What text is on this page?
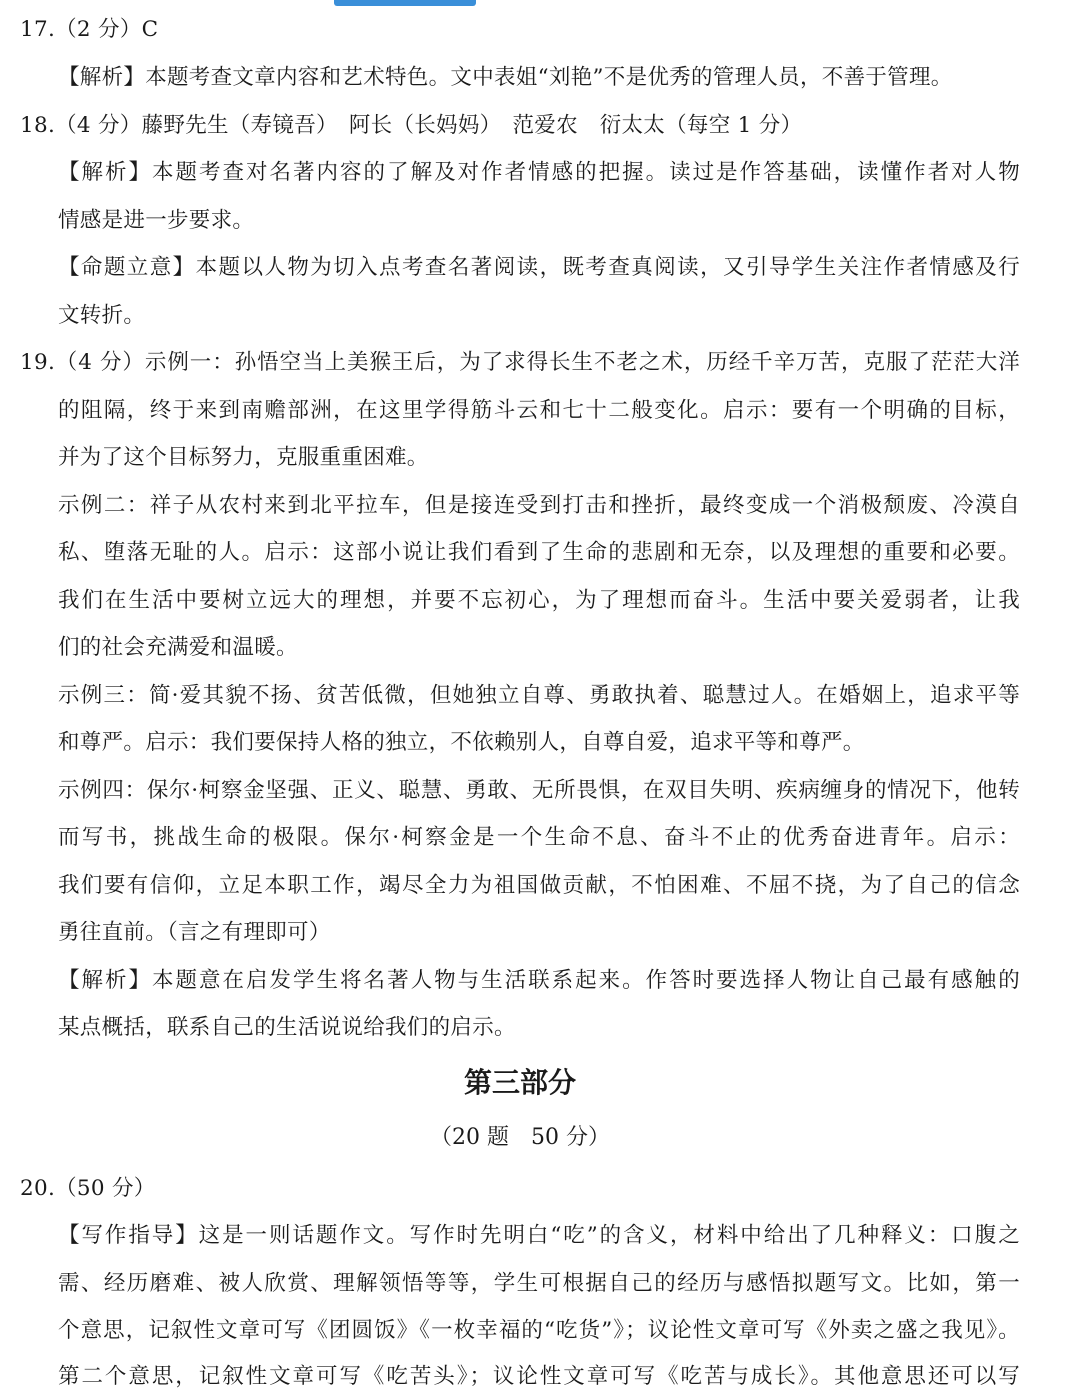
17.（2 分）C
【解析】本题考查文章内容和艺术特色。文中表姐“刘艳”不是优秀的管理人员，不善于管理。
18.（4 分）藤野先生（寿镜吾）　阿长（长妈妈）　范爱农　衍太太（每空 1 分）
【解析】本题考查对名著内容的了解及对作者情感的把握。读过是作答基础，读懂作者对人物
情感是进一步要求。
【命题立意】本题以人物为切入点考查名著阅读，既考查真阅读，又引导学生关注作者情感及行
文转折。
19.（4 分）示例一：孙悟空当上美猴王后，为了求得长生不老之术，历经千辛万苦，克服了茫茫大洋
的阻隔，终于来到南赡部洲，在这里学得筋斗云和七十二般变化。启示：要有一个明确的目标，
并为了这个目标努力，克服重重困难。
示例二：祥子从农村来到北平拉车，但是接连受到打击和挫折，最终变成一个消极颓废、冷漠自
私、堕落无耻的人。启示：这部小说让我们看到了生命的悲剧和无奈，以及理想的重要和必要。
我们在生活中要树立远大的理想，并要不忘初心，为了理想而奋斗。生活中要关爱弱者，让我
们的社会充满爱和温暖。
示例三：简·爱其貌不扬、贫苦低微，但她独立自尊、勇敢执着、聪慧过人。在婚姻上，追求平等
和尊严。启示：我们要保持人格的独立，不依赖别人，自尊自爱，追求平等和尊严。
示例四：保尔·柯察金坚强、正义、聪慧、勇敢、无所畏惧，在双目失明、疾病缠身的情况下，他转
而写书，挑战生命的极限。保尔·柯察金是一个生命不息、奋斗不止的优秀奋进青年。启示：
我们要有信仰，立足本职工作，竭尽全力为祖国做贡献，不怕困难、不屈不挠，为了自己的信念
勇往直前。（言之有理即可）
【解析】本题意在启发学生将名著人物与生活联系起来。作答时要选择人物让自己最有感触的
某点概括，联系自己的生活说说给我们的启示。
第三部分
（20 题　50 分）
20.（50 分）
【写作指导】这是一则话题作文。写作时先明白“吃”的含义，材料中给出了几种释义：口腹之
需、经历磨难、被人欣赏、理解领悟等等，学生可根据自己的经历与感悟拟题写文。比如，第一
个意思，记叙性文章可写《团圆饭》《一枚幸福的“吃货”》；议论性文章可写《外卖之盛之我见》。
第二个意思，记叙性文章可写《吃苦头》；议论性文章可写《吃苦与成长》。其他意思还可以写
